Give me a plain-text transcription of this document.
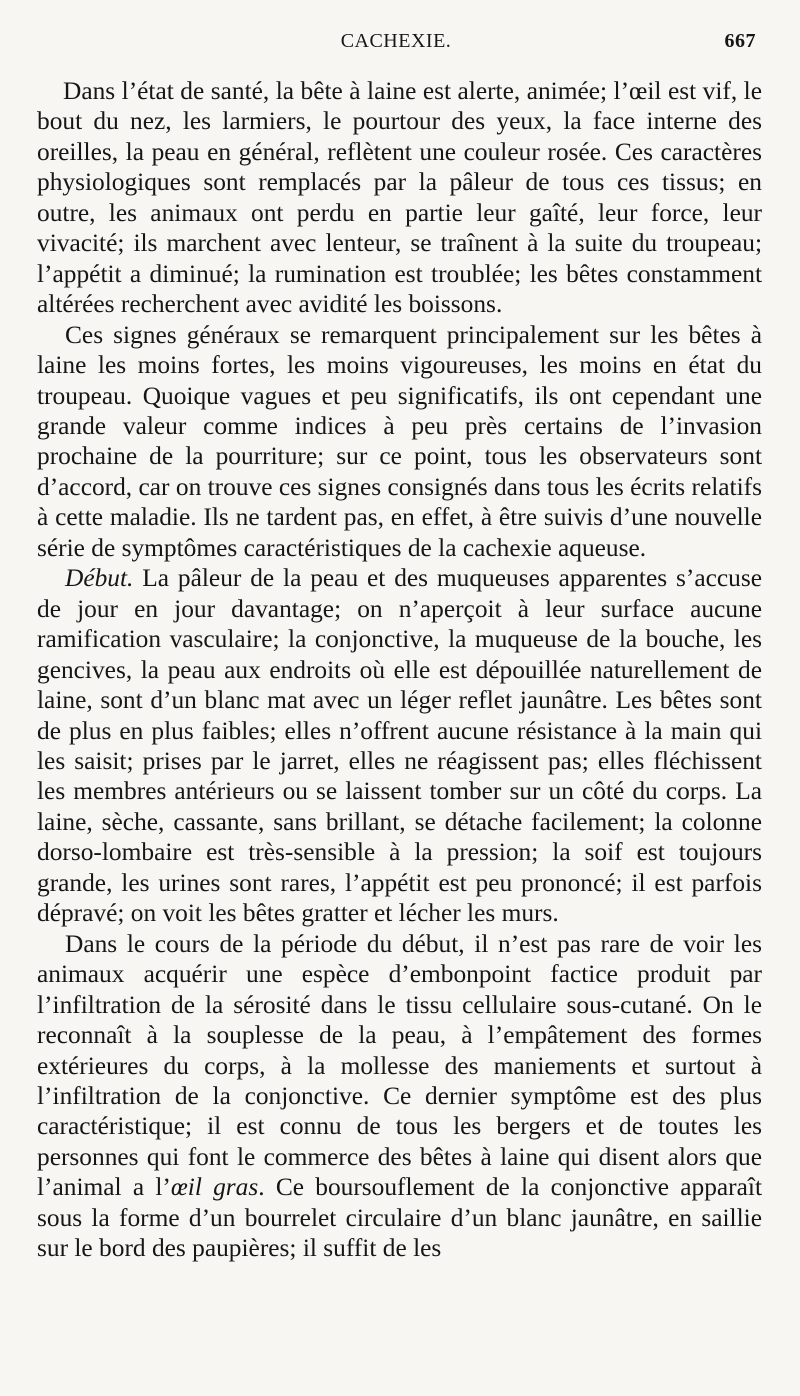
CACHEXIE.	667

Dans l’état de santé, la bête à laine est alerte, animée; l’œil est vif, le bout du nez, les larmiers, le pourtour des yeux, la face interne des oreilles, la peau en général, reflètent une couleur rosée. Ces caractères physiologiques sont remplacés par la pâleur de tous ces tissus; en outre, les animaux ont perdu en partie leur gaîté, leur force, leur vivacité; ils marchent avec lenteur, se traînent à la suite du troupeau; l’appétit a diminué; la rumination est troublée; les bêtes constamment altérées recherchent avec avidité les boissons.

Ces signes généraux se remarquent principalement sur les bêtes à laine les moins fortes, les moins vigoureuses, les moins en état du troupeau. Quoique vagues et peu significatifs, ils ont cependant une grande valeur comme indices à peu près certains de l’invasion prochaine de la pourriture; sur ce point, tous les observateurs sont d’accord, car on trouve ces signes consignés dans tous les écrits relatifs à cette maladie. Ils ne tardent pas, en effet, à être suivis d’une nouvelle série de symptômes caractéristiques de la cachexie aqueuse.

Début. La pâleur de la peau et des muqueuses apparentes s’accuse de jour en jour davantage; on n’aperçoit à leur surface aucune ramification vasculaire; la conjonctive, la muqueuse de la bouche, les gencives, la peau aux endroits où elle est dépouillée naturellement de laine, sont d’un blanc mat avec un léger reflet jaunâtre. Les bêtes sont de plus en plus faibles; elles n’offrent aucune résistance à la main qui les saisit; prises par le jarret, elles ne réagissent pas; elles fléchissent les membres antérieurs ou se laissent tomber sur un côté du corps. La laine, sèche, cassante, sans brillant, se détache facilement; la colonne dorso-lombaire est très-sensible à la pression; la soif est toujours grande, les urines sont rares, l’appétit est peu prononcé; il est parfois dépravé; on voit les bêtes gratter et lécher les murs.

Dans le cours de la période du début, il n’est pas rare de voir les animaux acquérir une espèce d’embonpoint factice produit par l’infiltration de la sérosité dans le tissu cellulaire sous-cutané. On le reconnaît à la souplesse de la peau, à l’empâtement des formes extérieures du corps, à la mollesse des maniements et surtout à l’infiltration de la conjonctive. Ce dernier symptôme est des plus caractéristique; il est connu de tous les bergers et de toutes les personnes qui font le commerce des bêtes à laine qui disent alors que l’animal a l’œil gras. Ce boursouflement de la conjonctive apparaît sous la forme d’un bourrelet circulaire d’un blanc jaunâtre, en saillie sur le bord des paupières; il suffit de les
